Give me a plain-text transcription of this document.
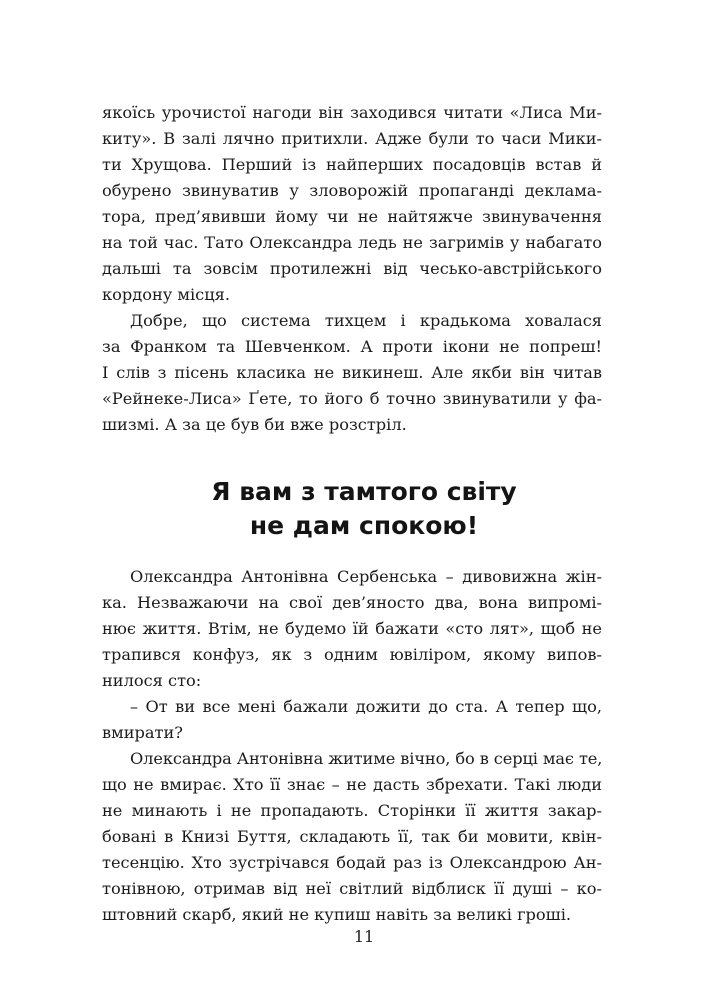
якоїсь урочистої нагоди він заходився читати «Лиса Ми-
киту». В залі лячно притихли. Адже були то часи Мики-
ти Хрущова. Перший із найперших посадовців встав й
обурено звинуватив у зловорожій пропаганді деклама-
тора, пред’явивши йому чи не найтяжче звинувачення
на той час. Тато Олександра ледь не загримів у набагато
дальші та зовсім протилежні від чесько-австрійського
кордону місця.
Добре, що система тихцем і крадькома ховалася
за Франком та Шевченком. А проти ікони не попреш!
І слів з пісень класика не викинеш. Але якби він читав
«Рейнеке-Лиса» Ґете, то його б точно звинуватили у фа-
шизмі. А за це був би вже розстріл.
Я вам з тамтого світу
не дам спокою!
Олександра Антонівна Сербенська – дивовижна жін-
ка. Незважаючи на свої дев’яносто два, вона випромі-
нює життя. Втім, не будемо їй бажати «сто лят», щоб не
трапився конфуз, як з одним ювіліром, якому випов-
нилося сто:
– От ви все мені бажали дожити до ста. А тепер що,
вмирати?
Олександра Антонівна житиме вічно, бо в серці має те,
що не вмирає. Хто її знає – не дасть збрехати. Такі люди
не минають і не пропадають. Сторінки її життя закар-
бовані в Книзі Буття, складають її, так би мовити, квін-
тесенцію. Хто зустрічався бодай раз із Олександрою Ан-
тонівною, отримав від неї світлий відблиск її душі – ко-
штовний скарб, який не купиш навіть за великі гроші.
11
